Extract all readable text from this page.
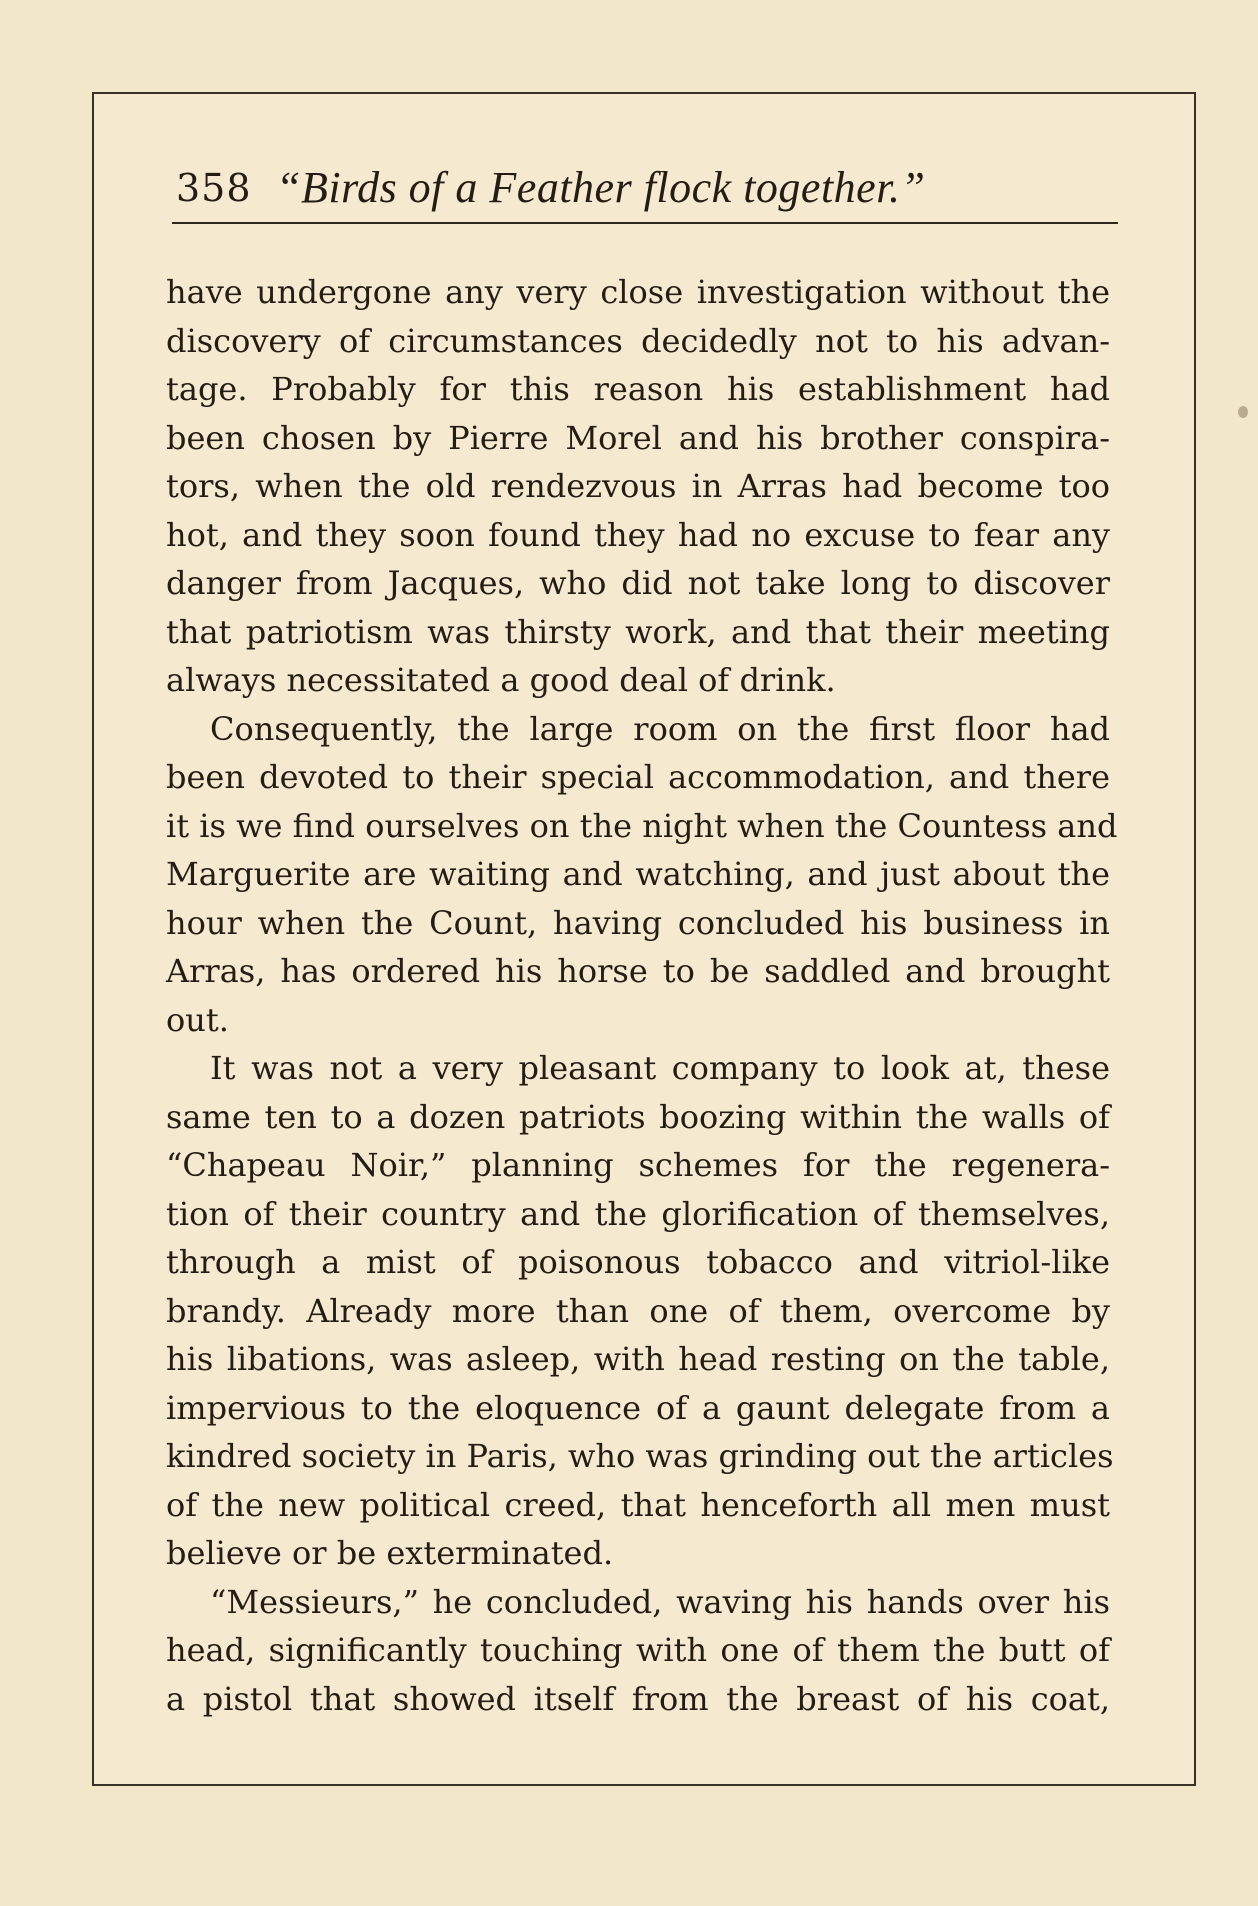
358 “Birds of a Feather flock together.”
have undergone any very close investigation without the
discovery of circumstances decidedly not to his advan-
tage. Probably for this reason his establishment had
been chosen by Pierre Morel and his brother conspira-
tors, when the old rendezvous in Arras had become too
hot, and they soon found they had no excuse to fear any
danger from Jacques, who did not take long to discover
that patriotism was thirsty work, and that their meeting
always necessitated a good deal of drink.
Consequently, the large room on the first floor had
been devoted to their special accommodation, and there
it is we find ourselves on the night when the Countess and
Marguerite are waiting and watching, and just about the
hour when the Count, having concluded his business in
Arras, has ordered his horse to be saddled and brought
out.
It was not a very pleasant company to look at, these
same ten to a dozen patriots boozing within the walls of
“Chapeau Noir,” planning schemes for the regenera-
tion of their country and the glorification of themselves,
through a mist of poisonous tobacco and vitriol-like
brandy. Already more than one of them, overcome by
his libations, was asleep, with head resting on the table,
impervious to the eloquence of a gaunt delegate from a
kindred society in Paris, who was grinding out the articles
of the new political creed, that henceforth all men must
believe or be exterminated.
“Messieurs,” he concluded, waving his hands over his
head, significantly touching with one of them the butt of
a pistol that showed itself from the breast of his coat,
